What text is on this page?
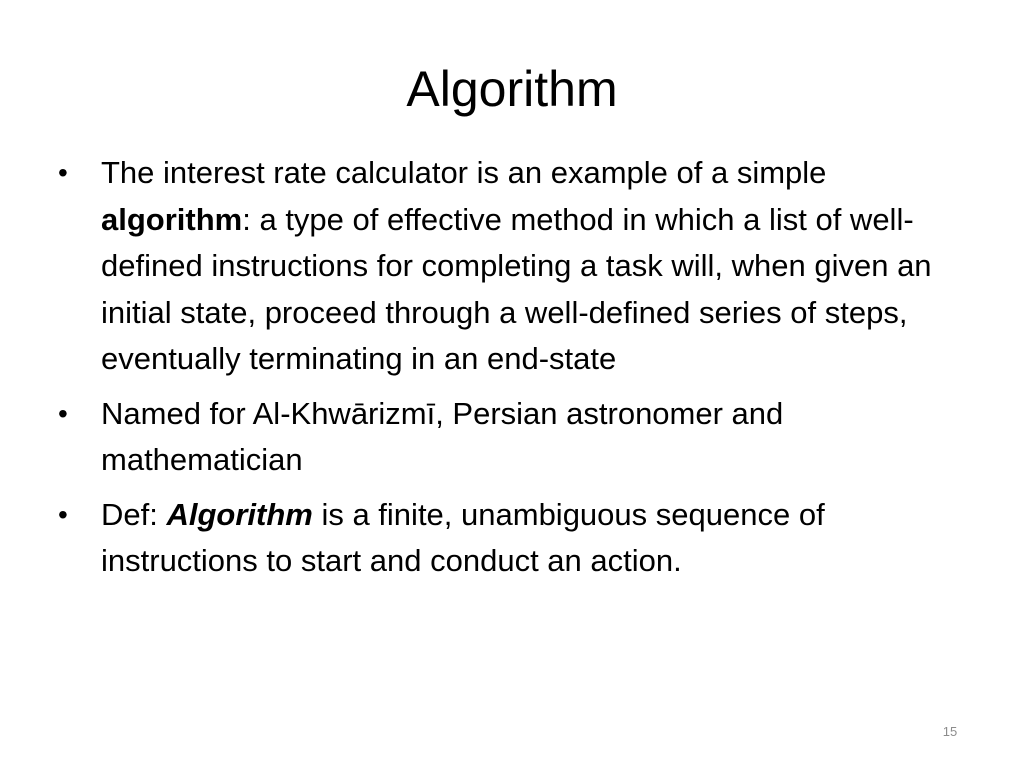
Algorithm
•	The interest rate calculator is an example of a simple algorithm: a type of effective method in which a list of well-defined instructions for completing a task will, when given an initial state, proceed through a well-defined series of steps, eventually terminating in an end-state
•	Named for Al-Khwārizmī, Persian astronomer and mathematician
•	Def: Algorithm is a finite, unambiguous sequence of instructions to start and conduct an action.
15
